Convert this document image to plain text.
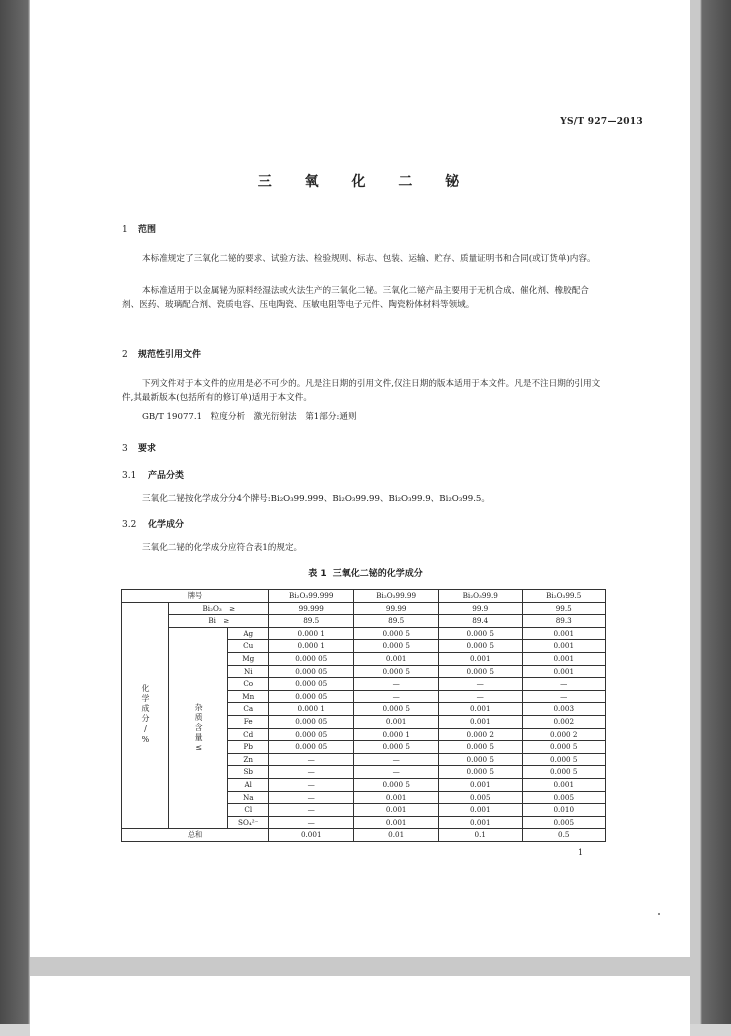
YS/T 927—2013
三 氧 化 二 铋
1 范围
本标准规定了三氧化二铋的要求、试验方法、检验规则、标志、包装、运输、贮存、质量证明书和合同(或订货单)内容。
本标准适用于以金属铋为原料经湿法或火法生产的三氧化二铋。三氧化二铋产品主要用于无机合成、催化剂、橡胶配合剂、医药、玻璃配合剂、瓷质电容、压电陶瓷、压敏电阻等电子元件、陶瓷粉体材料等领域。
2 规范性引用文件
下列文件对于本文件的应用是必不可少的。凡是注日期的引用文件,仅注日期的版本适用于本文件。凡是不注日期的引用文件,其最新版本(包括所有的修订单)适用于本文件。
GB/T 19077.1　粒度分析　激光衍射法　第1部分:通则
3 要求
3.1 产品分类
三氧化二铋按化学成分分4个牌号:Bi₂O₃99.999、Bi₂O₃99.99、Bi₂O₃99.9、Bi₂O₃99.5。
3.2 化学成分
三氧化二铋的化学成分应符合表1的规定。
表 1 三氧化二铋的化学成分
牌号			Bi₂O₃99.999	Bi₂O₃99.99	Bi₂O₃99.9	Bi₂O₃99.5
化学成分/%	Bi₂O₃　≥		99.999	99.99	99.9	99.5
	Bi　≥		89.5	89.5	89.4	89.3
	杂质含量≤	Ag	0.000 1	0.000 5	0.000 5	0.001
		Cu	0.000 1	0.000 5	0.000 5	0.001
		Mg	0.000 05	0.001	0.001	0.001
		Ni	0.000 05	0.000 5	0.000 5	0.001
		Co	0.000 05	—	—	—
		Mn	0.000 05	—	—	—
		Ca	0.000 1	0.000 5	0.001	0.003
		Fe	0.000 05	0.001	0.001	0.002
		Cd	0.000 05	0.000 1	0.000 2	0.000 2
		Pb	0.000 05	0.000 5	0.000 5	0.000 5
		Zn	—	—	0.000 5	0.000 5
		Sb	—	—	0.000 5	0.000 5
		Al	—	0.000 5	0.001	0.001
		Na	—	0.001	0.005	0.005
		Cl	—	0.001	0.001	0.010
		SO₄²⁻	—	0.001	0.001	0.005
总和			0.001	0.01	0.1	0.5
1
